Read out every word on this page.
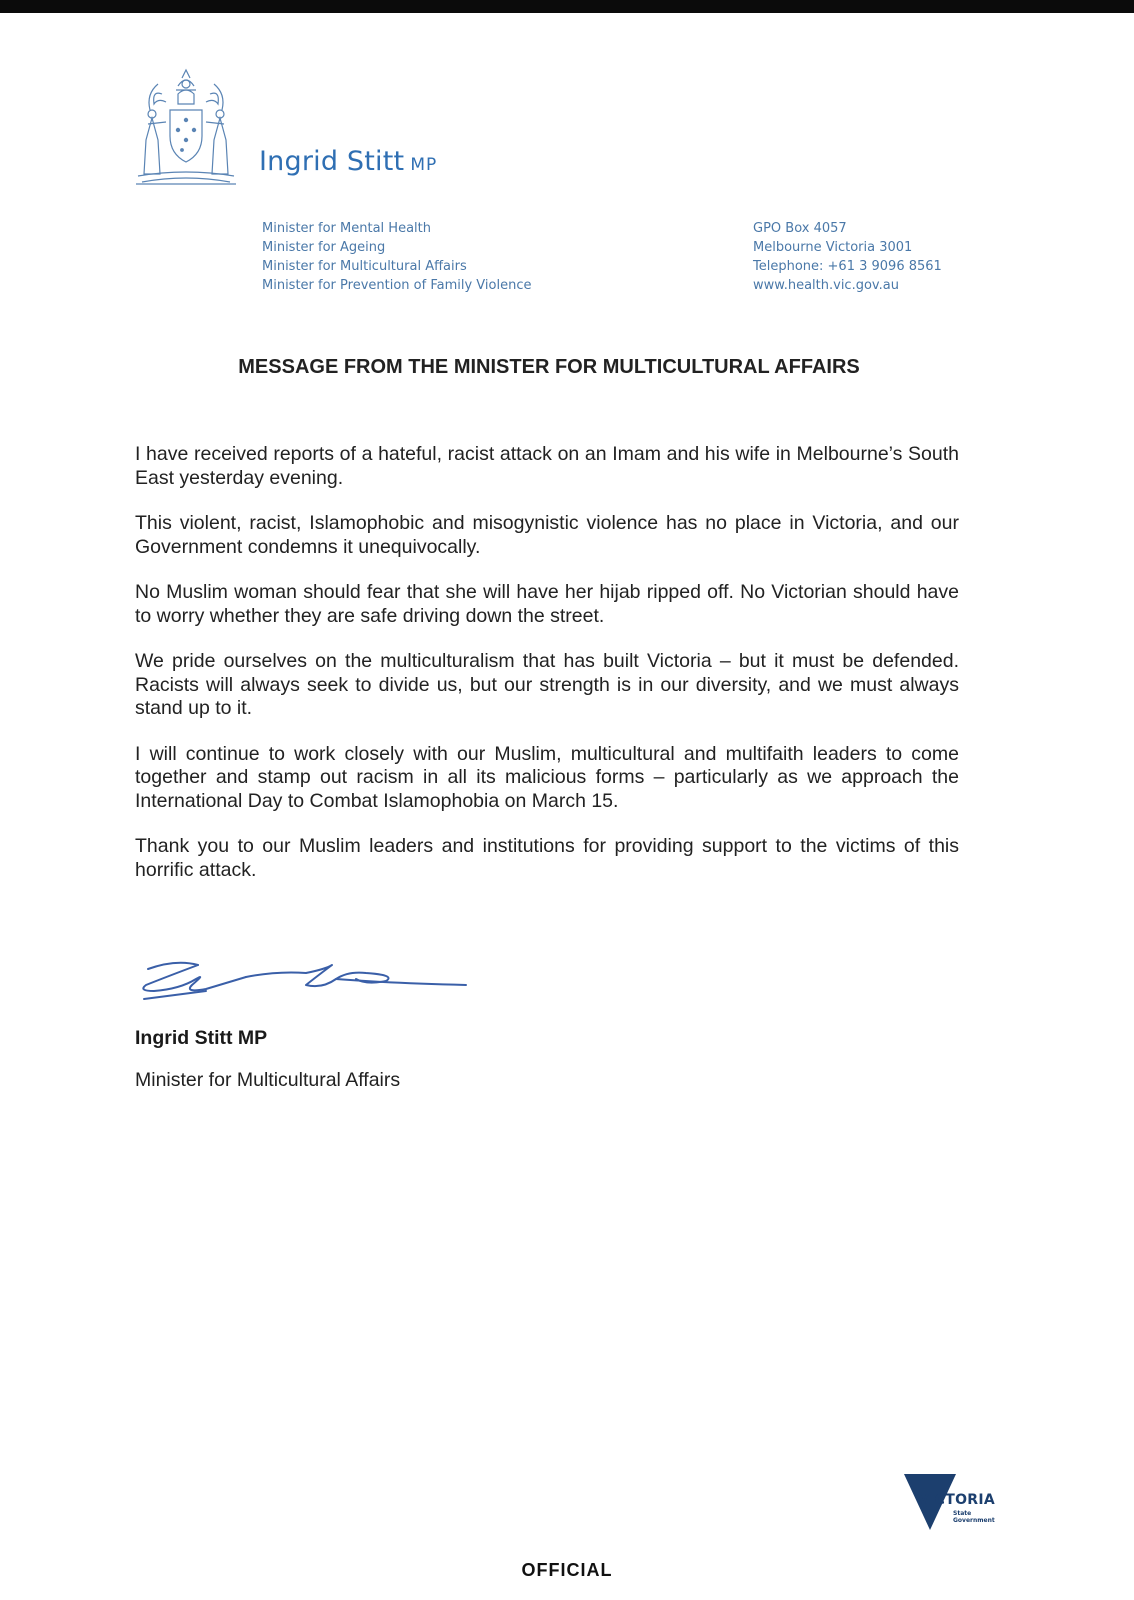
Ingrid Stitt MP
Minister for Mental Health
Minister for Ageing
Minister for Multicultural Affairs
Minister for Prevention of Family Violence
GPO Box 4057
Melbourne Victoria 3001
Telephone: +61 3 9096 8561
www.health.vic.gov.au
MESSAGE FROM THE MINISTER FOR MULTICULTURAL AFFAIRS

I have received reports of a hateful, racist attack on an Imam and his wife in Melbourne’s South East yesterday evening.

This violent, racist, Islamophobic and misogynistic violence has no place in Victoria, and our Government condemns it unequivocally.

No Muslim woman should fear that she will have her hijab ripped off. No Victorian should have to worry whether they are safe driving down the street.

We pride ourselves on the multiculturalism that has built Victoria – but it must be defended. Racists will always seek to divide us, but our strength is in our diversity, and we must always stand up to it.

I will continue to work closely with our Muslim, multicultural and multifaith leaders to come together and stamp out racism in all its malicious forms – particularly as we approach the International Day to Combat Islamophobia on March 15.

Thank you to our Muslim leaders and institutions for providing support to the victims of this horrific attack.

Ingrid Stitt MP
Minister for Multicultural Affairs
VICTORIA
State
Government
OFFICIAL
